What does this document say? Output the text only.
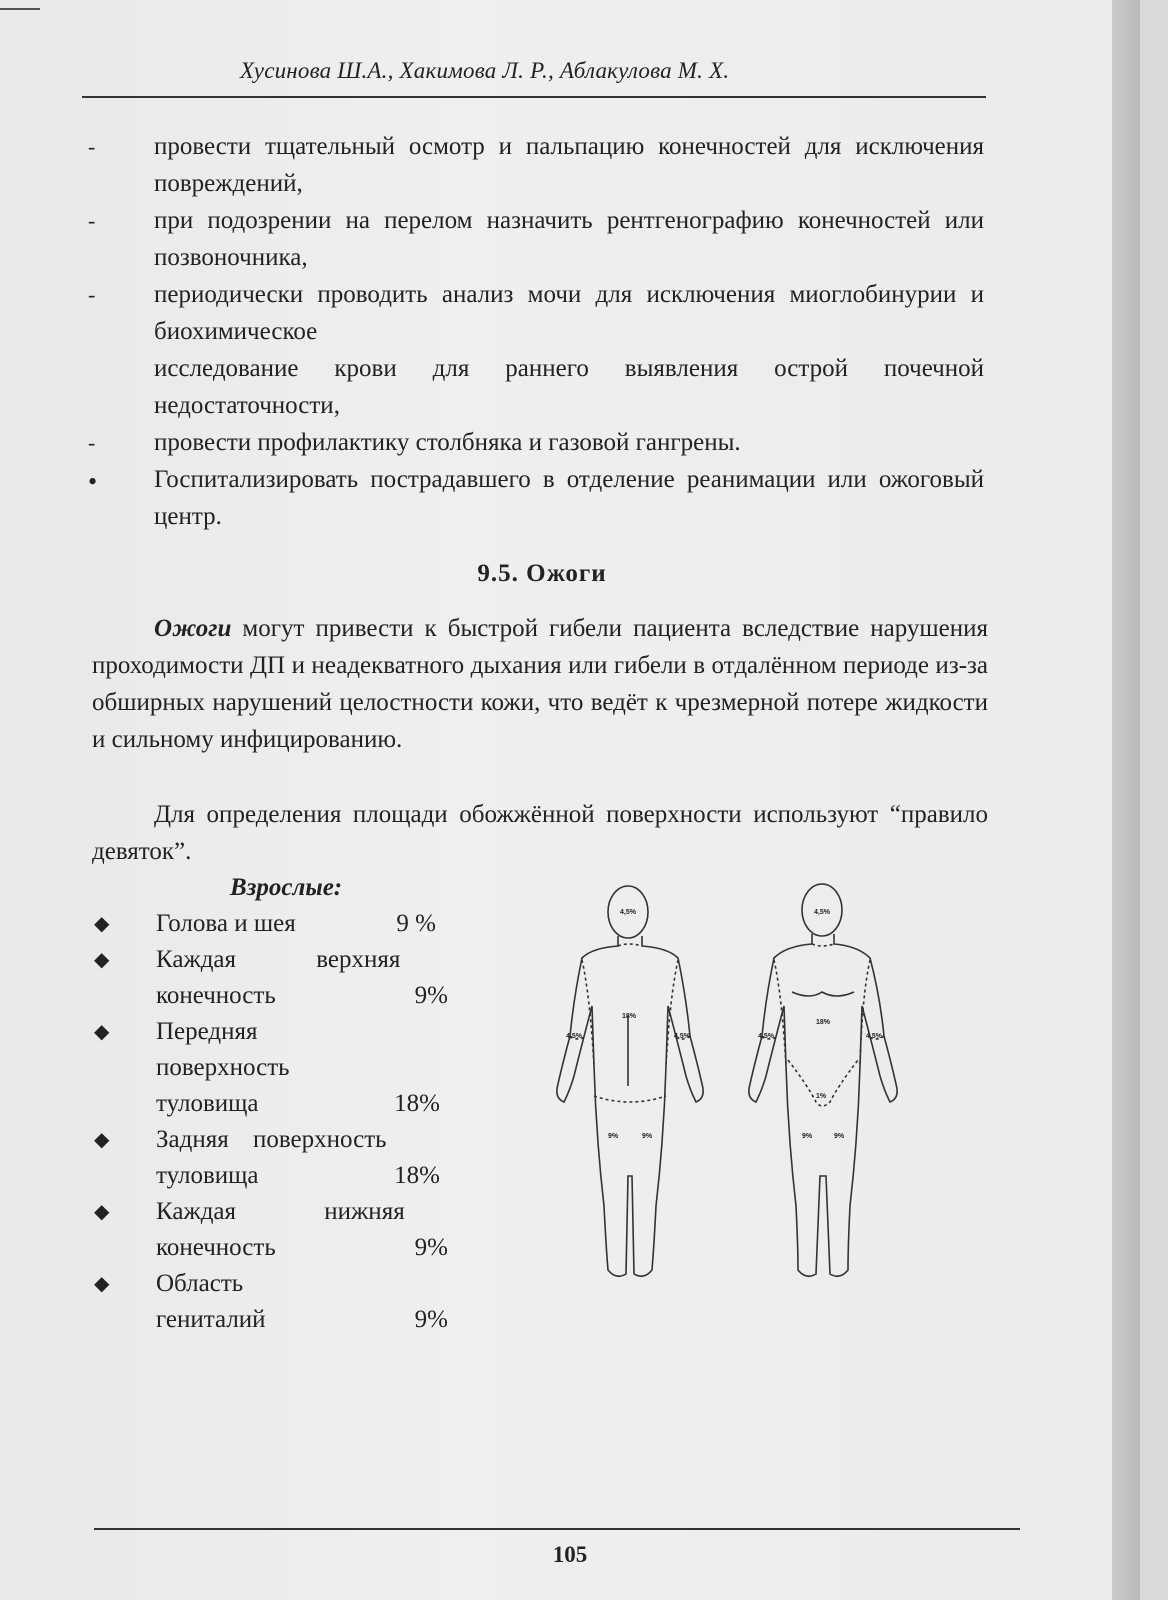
Хусинова Ш.А., Хакимова Л. Р., Аблакулова М. Х.
- провести тщательный осмотр и пальпацию конечностей для исключения повреждений,
- при подозрении на перелом назначить рентгенографию конечностей или позвоночника,
- периодически проводить анализ мочи для исключения миоглобинурии и биохимическое
исследование крови для раннего выявления острой почечной недостаточности,
- провести профилактику столбняка и газовой гангрены.
• Госпитализировать пострадавшего в отделение реанимации или ожоговый центр.
9.5. Ожоги
Ожоги могут привести к быстрой гибели пациента вследствие нарушения проходимости ДП и неадекватного дыхания или гибели в отдалённом периоде из-за обширных нарушений целостности кожи, что ведёт к чрезмерной потере жидкости и сильному инфицированию.
Для определения площади обожжённой поверхности используют “правило девяток”.
Взрослые:
◆ Голова и шея	9 %
◆ Каждая верхняя
конечность	9%
◆ Передняя
поверхность
туловища	18%
◆ Задняя поверхность
туловища	18%
◆ Каждая нижняя
конечность	9%
◆ Область
гениталий	9%
4,5%	4,5%
18%
18%
4,5%	4,5%	4,5%	4,5%
1%
9%	9%	9%	9%
105
